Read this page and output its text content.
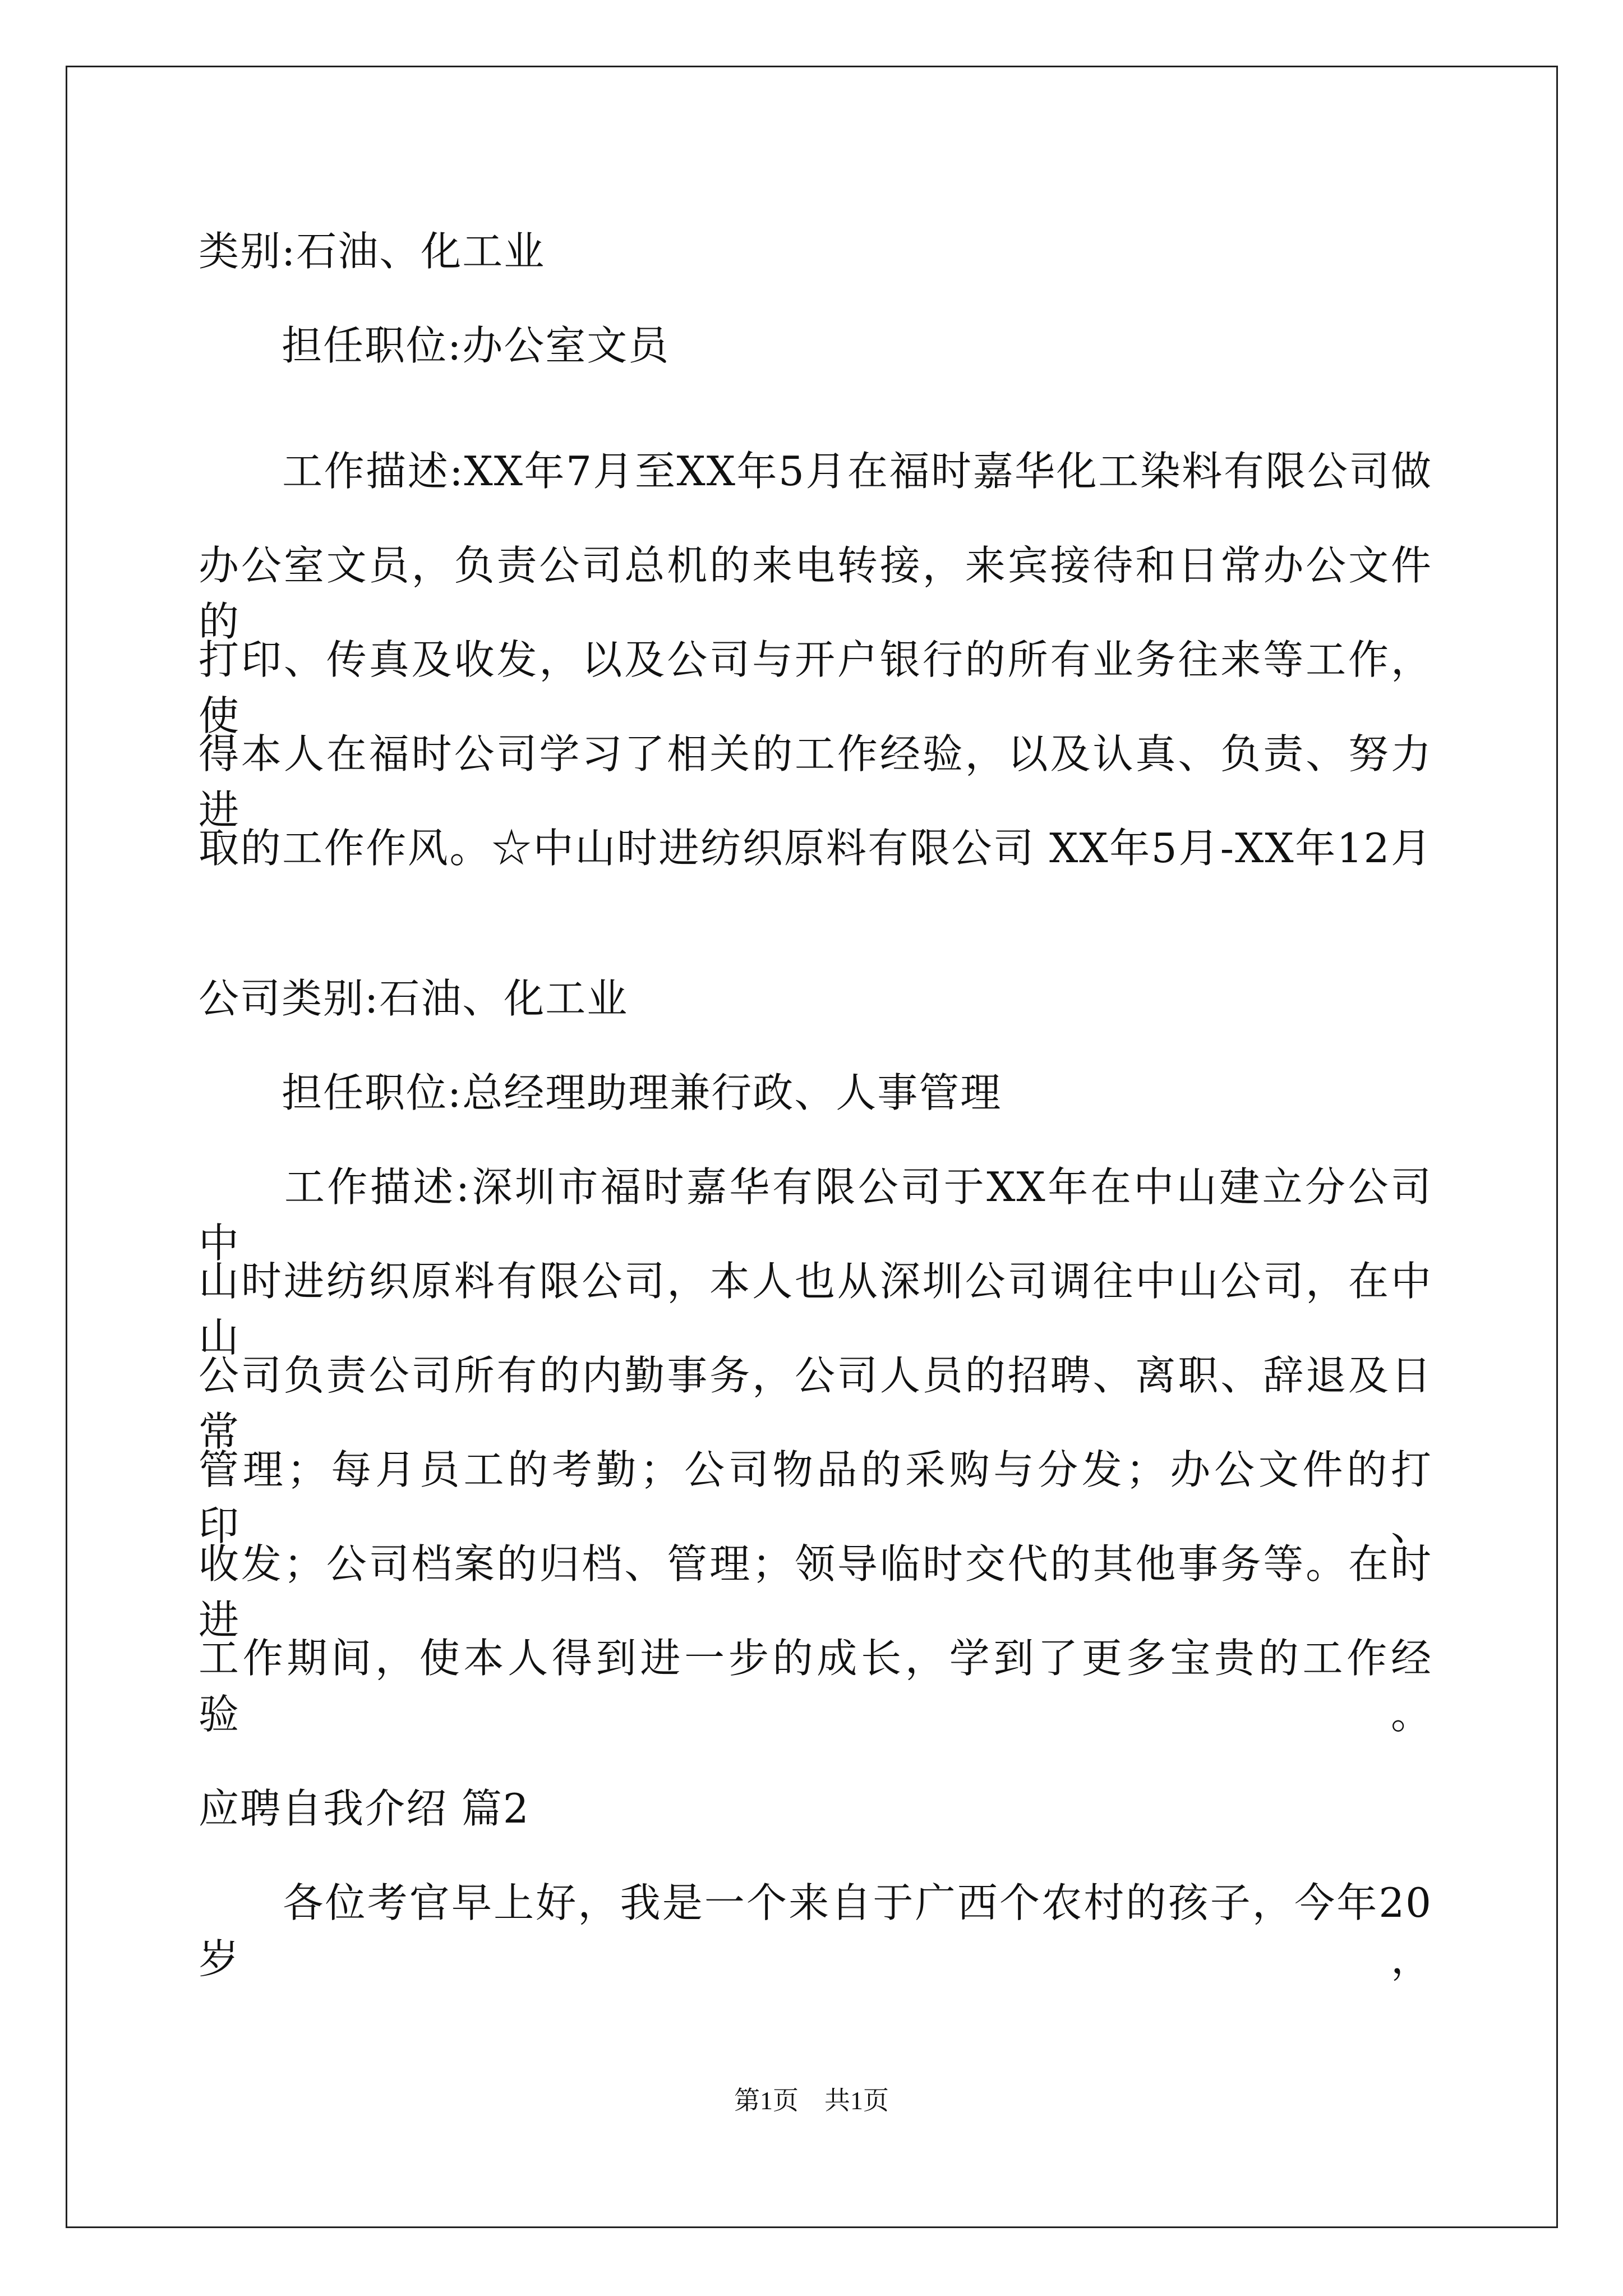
类别:石油、化工业
　　担任职位:办公室文员
　　工作描述:XX年7月至XX年5月在福时嘉华化工染料有限公司做
办公室文员，负责公司总机的来电转接，来宾接待和日常办公文件的
打印、传真及收发，以及公司与开户银行的所有业务往来等工作，使
得本人在福时公司学习了相关的工作经验，以及认真、负责、努力进
取的工作作风。☆中山时进纺织原料有限公司 XX年5月-XX年12月
公司类别:石油、化工业
　　担任职位:总经理助理兼行政、人事管理
　　工作描述:深圳市福时嘉华有限公司于XX年在中山建立分公司中
山时进纺织原料有限公司，本人也从深圳公司调往中山公司，在中山
公司负责公司所有的内勤事务，公司人员的招聘、离职、辞退及日常
管理；每月员工的考勤；公司物品的采购与分发；办公文件的打印、
收发；公司档案的归档、管理；领导临时交代的其他事务等。在时进
工作期间，使本人得到进一步的成长，学到了更多宝贵的工作经验。
应聘自我介绍 篇2
　　各位考官早上好，我是一个来自于广西个农村的孩子，今年20岁，
第1页　共1页
